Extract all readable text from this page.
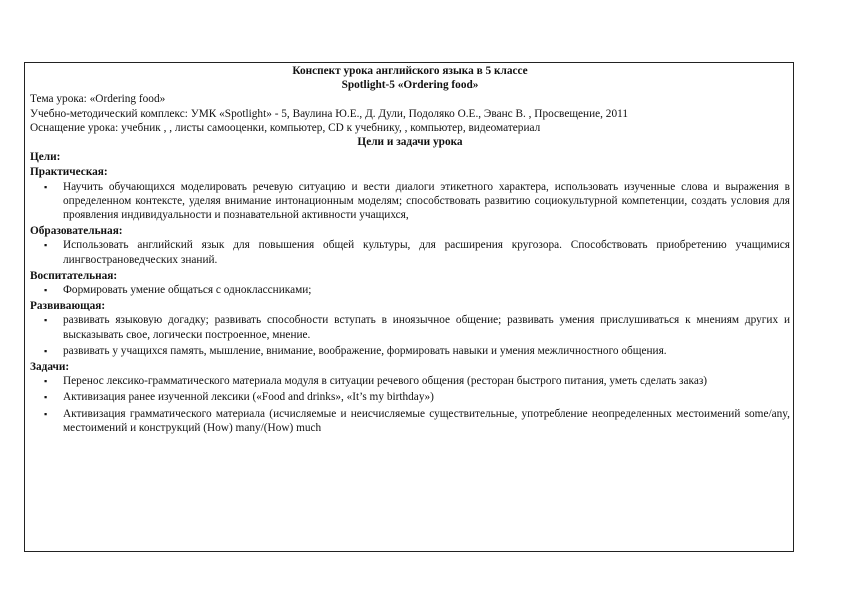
Конспект урока английского языка в 5 классе
Spotlight-5 «Ordering food»
Тема урока: «Ordering food»
Учебно-методический комплекс: УМК «Spotlight» - 5, Ваулина Ю.Е., Д. Дули, Подоляко О.Е., Эванс В. , Просвещение, 2011
Оснащение урока: учебник , , листы самооценки, компьютер, CD к учебнику, , компьютер, видеоматериал
Цели и задачи урока
Цели:
Практическая:
▪ Научить обучающихся моделировать речевую ситуацию и вести диалоги этикетного характера, использовать изученные слова и выражения в определенном контексте, уделяя внимание интонационным моделям; способствовать развитию социокультурной компетенции, создать условия для проявления индивидуальности и познавательной активности учащихся,
Образовательная:
▪ Использовать английский язык для повышения общей культуры, для расширения кругозора. Способствовать приобретению учащимися лингвострановедческих знаний.
Воспитательная:
▪ Формировать умение общаться с одноклассниками;
Развивающая:
▪ развивать языковую догадку; развивать способности вступать в иноязычное общение; развивать умения прислушиваться к мнениям других и высказывать свое, логически построенное, мнение.
▪ развивать у учащихся память, мышление, внимание, воображение, формировать навыки и умения межличностного общения.
Задачи:
▪ Перенос лексико-грамматического материала модуля в ситуации речевого общения (ресторан быстрого питания, уметь сделать заказ)
▪ Активизация ранее изученной лексики («Food and drinks», «It’s my birthday»)
▪ Активизация грамматического материала (исчисляемые и неисчисляемые существительные, употребление неопределенных местоимений some/any, местоимений и конструкций (How) many/(How) much
